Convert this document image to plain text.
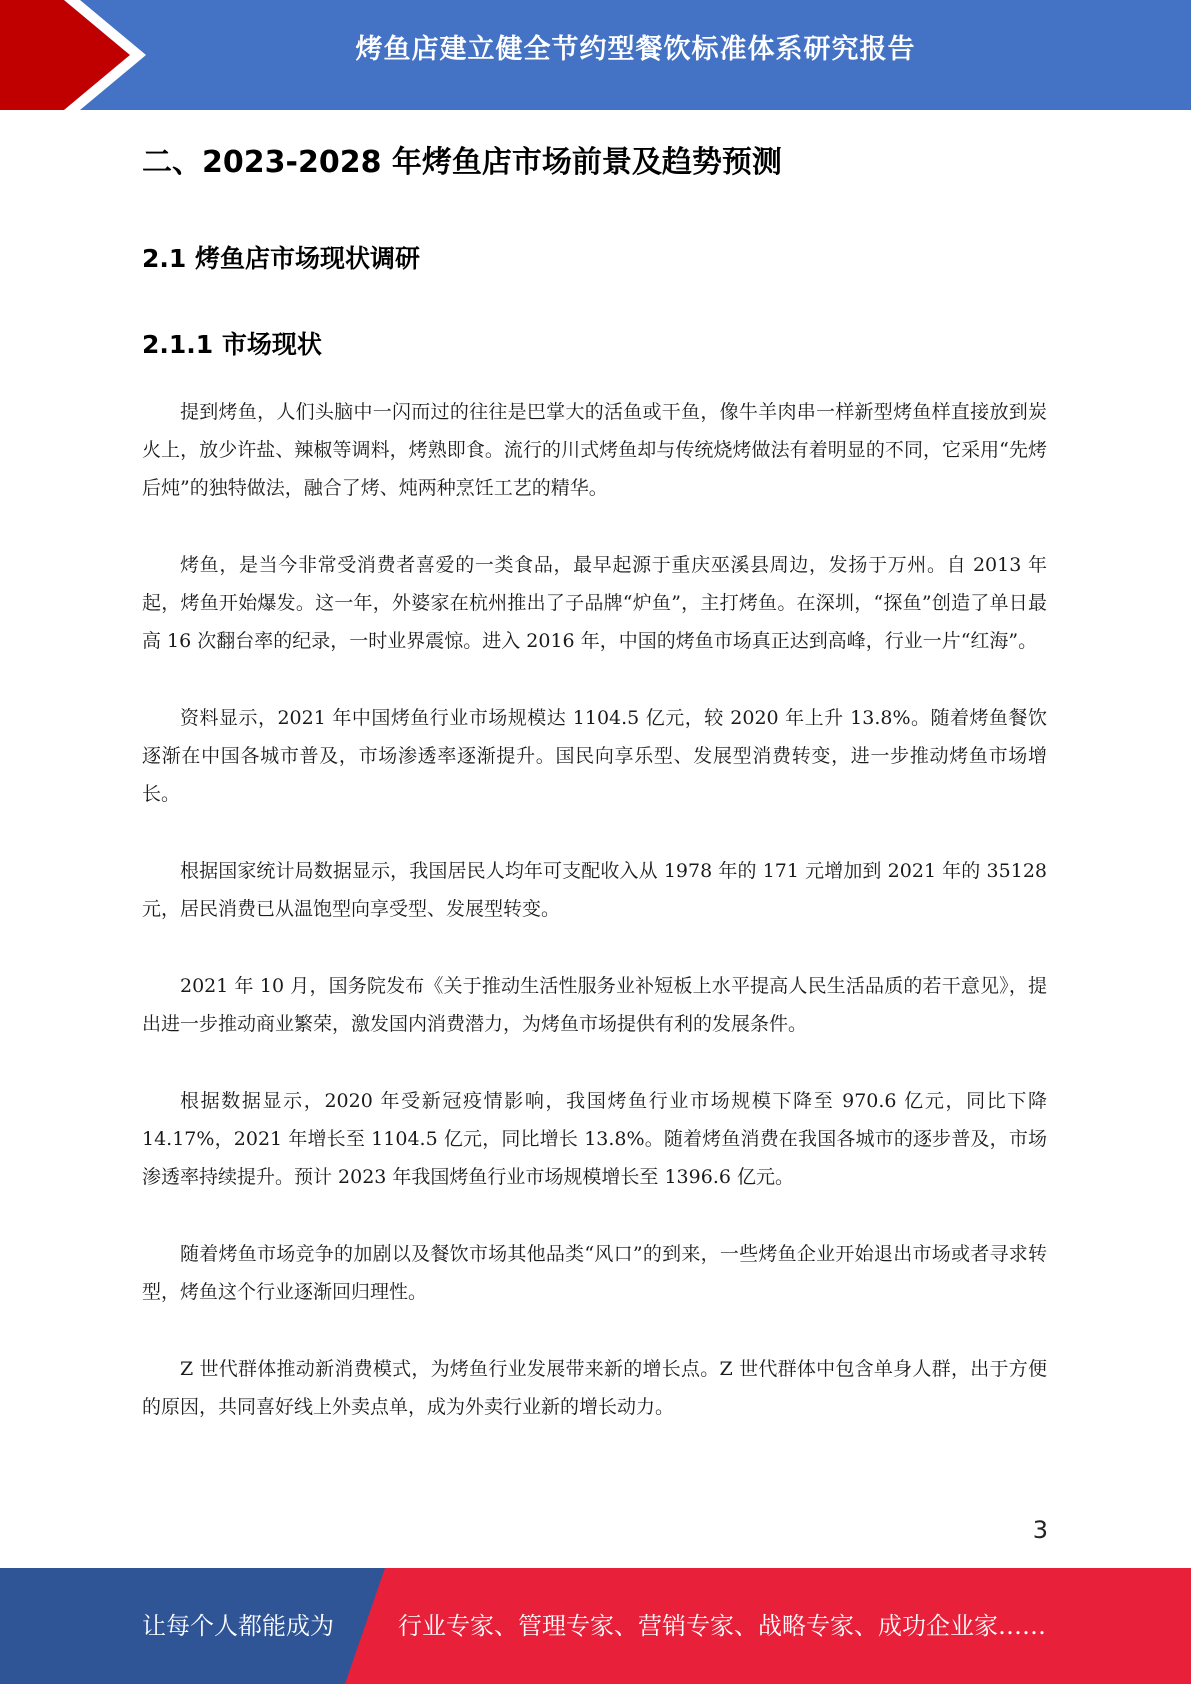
烤鱼店建立健全节约型餐饮标准体系研究报告
二、2023-2028 年烤鱼店市场前景及趋势预测
2.1 烤鱼店市场现状调研
2.1.1 市场现状

提到烤鱼，人们头脑中一闪而过的往往是巴掌大的活鱼或干鱼，像牛羊肉串一样新型烤鱼样直接放到炭火上，放少许盐、辣椒等调料，烤熟即食。流行的川式烤鱼却与传统烧烤做法有着明显的不同，它采用“先烤后炖”的独特做法，融合了烤、炖两种烹饪工艺的精华。

烤鱼，是当今非常受消费者喜爱的一类食品，最早起源于重庆巫溪县周边，发扬于万州。自 2013 年起，烤鱼开始爆发。这一年，外婆家在杭州推出了子品牌“炉鱼”，主打烤鱼。在深圳，“探鱼”创造了单日最高 16 次翻台率的纪录，一时业界震惊。进入 2016 年，中国的烤鱼市场真正达到高峰，行业一片“红海”。

资料显示，2021 年中国烤鱼行业市场规模达 1104.5 亿元，较 2020 年上升 13.8%。随着烤鱼餐饮逐渐在中国各城市普及，市场渗透率逐渐提升。国民向享乐型、发展型消费转变，进一步推动烤鱼市场增长。

根据国家统计局数据显示，我国居民人均年可支配收入从 1978 年的 171 元增加到 2021 年的 35128 元，居民消费已从温饱型向享受型、发展型转变。

2021 年 10 月，国务院发布《关于推动生活性服务业补短板上水平提高人民生活品质的若干意见》，提出进一步推动商业繁荣，激发国内消费潜力，为烤鱼市场提供有利的发展条件。

根据数据显示，2020 年受新冠疫情影响，我国烤鱼行业市场规模下降至 970.6 亿元，同比下降 14.17%，2021 年增长至 1104.5 亿元，同比增长 13.8%。随着烤鱼消费在我国各城市的逐步普及，市场渗透率持续提升。预计 2023 年我国烤鱼行业市场规模增长至 1396.6 亿元。

随着烤鱼市场竞争的加剧以及餐饮市场其他品类“风口”的到来，一些烤鱼企业开始退出市场或者寻求转型，烤鱼这个行业逐渐回归理性。

Z 世代群体推动新消费模式，为烤鱼行业发展带来新的增长点。Z 世代群体中包含单身人群，出于方便的原因，共同喜好线上外卖点单，成为外卖行业新的增长动力。

3
让每个人都能成为	行业专家、管理专家、营销专家、战略专家、成功企业家……
